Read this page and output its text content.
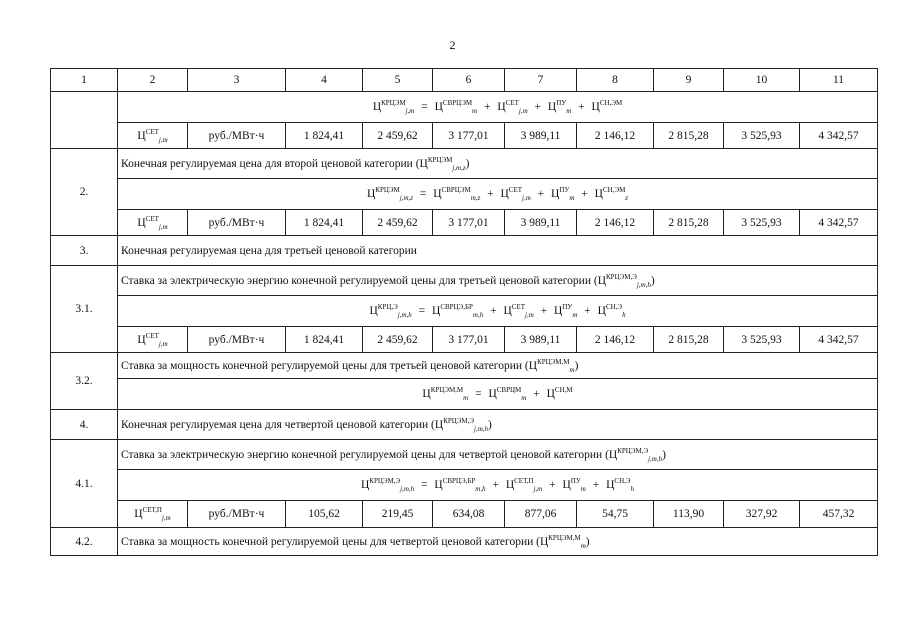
2
1	2	3	4	5	6	7	8	9	10	11
	$Ц^{КРЦЭМ}_{j,m} = Ц^{СВРЦЭМ}_m + Ц^{СЕТ}_{j,m} + Ц^{ПУ}_m + Ц^{СН,ЭМ}$
	$Ц^{СЕТ}_{j,m}$	руб./МВт·ч	1 824,41	2 459,62	3 177,01	3 989,11	2 146,12	2 815,28	3 525,93	4 342,57
2.	Конечная регулируемая цена для второй ценовой категории $(Ц^{КРЦЭМ}_{j,m,z})$									
	$Ц^{КРЦЭМ}_{j,m,z} = Ц^{СВРЦЭМ}_{m,z} + Ц^{СЕТ}_{j,m} + Ц^{ПУ}_m + Ц^{СН,ЭМ}_z$
	$Ц^{СЕТ}_{j,m}$	руб./МВт·ч	1 824,41	2 459,62	3 177,01	3 989,11	2 146,12	2 815,28	3 525,93	4 342,57
3.	Конечная регулируемая цена для третьей ценовой категории									
3.1.	Ставка за электрическую энергию конечной регулируемой цены для третьей ценовой категории $(Ц^{КРЦЭМ,Э}_{j,m,h})$									
	$Ц^{КРЦ,Э}_{j,m,h} = Ц^{СВРЦЭ,БР}_{m,h} + Ц^{СЕТ}_{j,m} + Ц^{ПУ}_m + Ц^{СН,Э}_h$
	$Ц^{СЕТ}_{j,m}$	руб./МВт·ч	1 824,41	2 459,62	3 177,01	3 989,11	2 146,12	2 815,28	3 525,93	4 342,57
3.2.	Ставка за мощность конечной регулируемой цены для третьей ценовой категории $(Ц^{КРЦЭМ,М}_m)$									
	$Ц^{КРЦЭМ,М}_m = Ц^{СВРЦМ}_m + Ц^{СН,М}$
4.	Конечная регулируемая цена для четвертой ценовой категории $(Ц^{КРЦЭМ,Э}_{j,m,h})$									
4.1.	Ставка за электрическую энергию конечной регулируемой цены для четвертой ценовой категории $(Ц^{КРЦЭМ,Э}_{j,m,h})$									
	$Ц^{КРЦЭМ,Э}_{j,m,h} = Ц^{СВРЦЭ,БР}_{m,h} + Ц^{СЕТ,П}_{j,m} + Ц^{ПУ}_m + Ц^{СН,Э}_h$
	$Ц^{СЕТ,П}_{j,m}$	руб./МВт·ч	105,62	219,45	634,08	877,06	54,75	113,90	327,92	457,32
4.2.	Ставка за мощность конечной регулируемой цены для четвертой ценовой категории $(Ц^{КРЦЭМ,М}_m)$									
